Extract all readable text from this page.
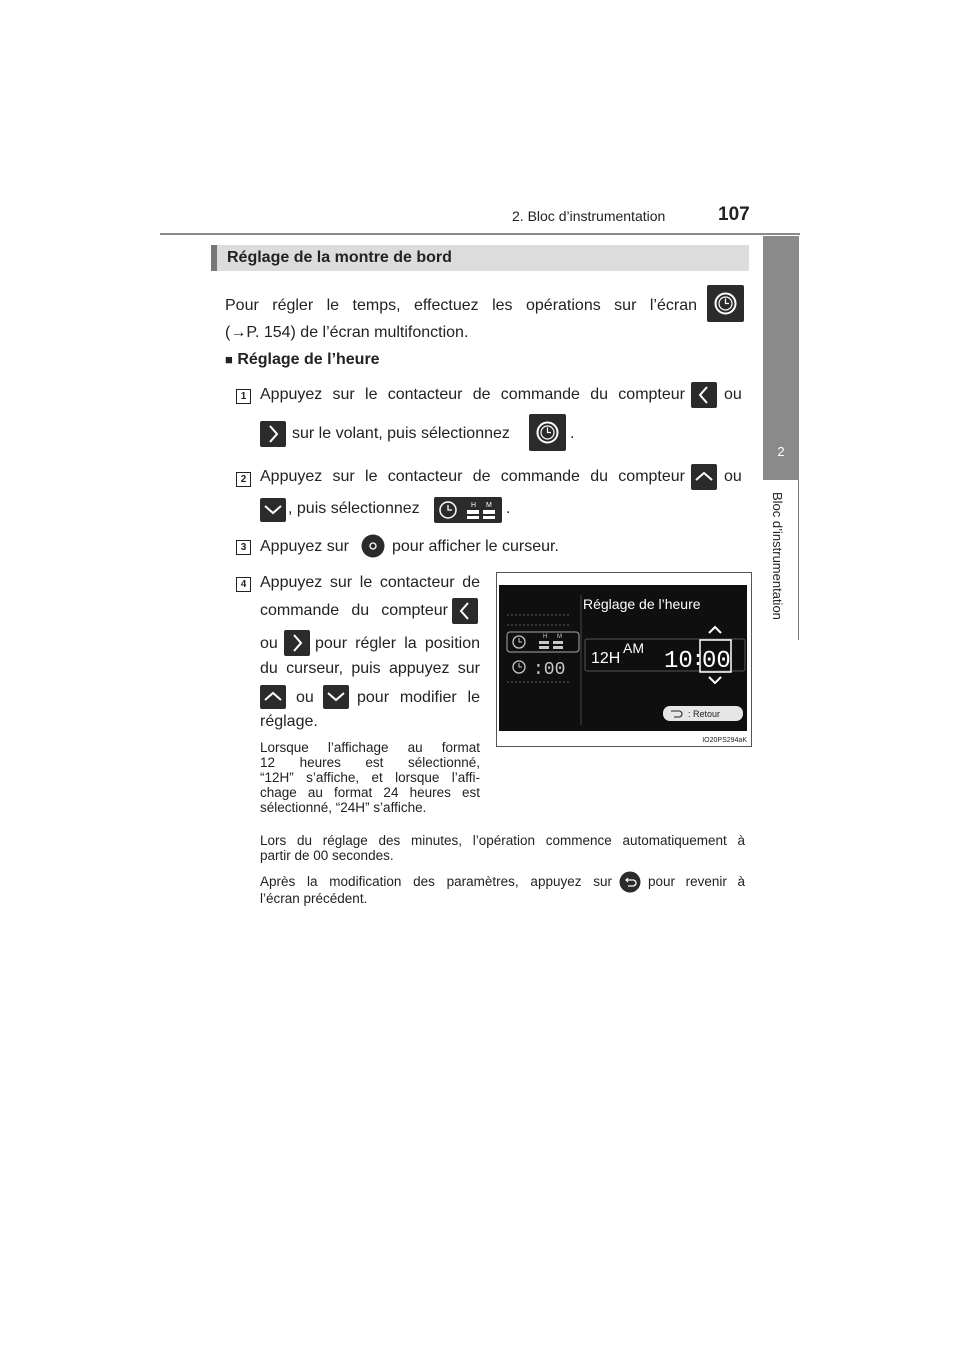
2. Bloc d’instrumentation	107
2
Bloc d’instrumentation
Réglage de la montre de bord
Pour régler le temps, effectuez les opérations sur l’écran
(→P. 154) de l’écran multifonction.
■ Réglage de l’heure
1 Appuyez sur le contacteur de commande du compteur ou
sur le volant, puis sélectionnez	.
2 Appuyez sur le contacteur de commande du compteur ou
, puis sélectionnez	H M .
3 Appuyez sur	pour afficher le curseur.
4 Appuyez sur le contacteur de
commande du compteur
ou pour régler la position
du curseur, puis appuyez sur
ou	pour modifier le
réglage.
Lorsque l’affichage au format
12 heures est sélectionné,
“12H” s’affiche, et lorsque l’affi-
chage au format 24 heures est
sélectionné, “24H” s’affiche.
Lors du réglage des minutes, l’opération commence automatiquement à
partir de 00 secondes.
Après la modification des paramètres, appuyez sur	pour revenir à
l’écran précédent.
H M
:00
Réglage de l’heure
12H
AM 10 :
00
: Retour
IO20PS294aK
